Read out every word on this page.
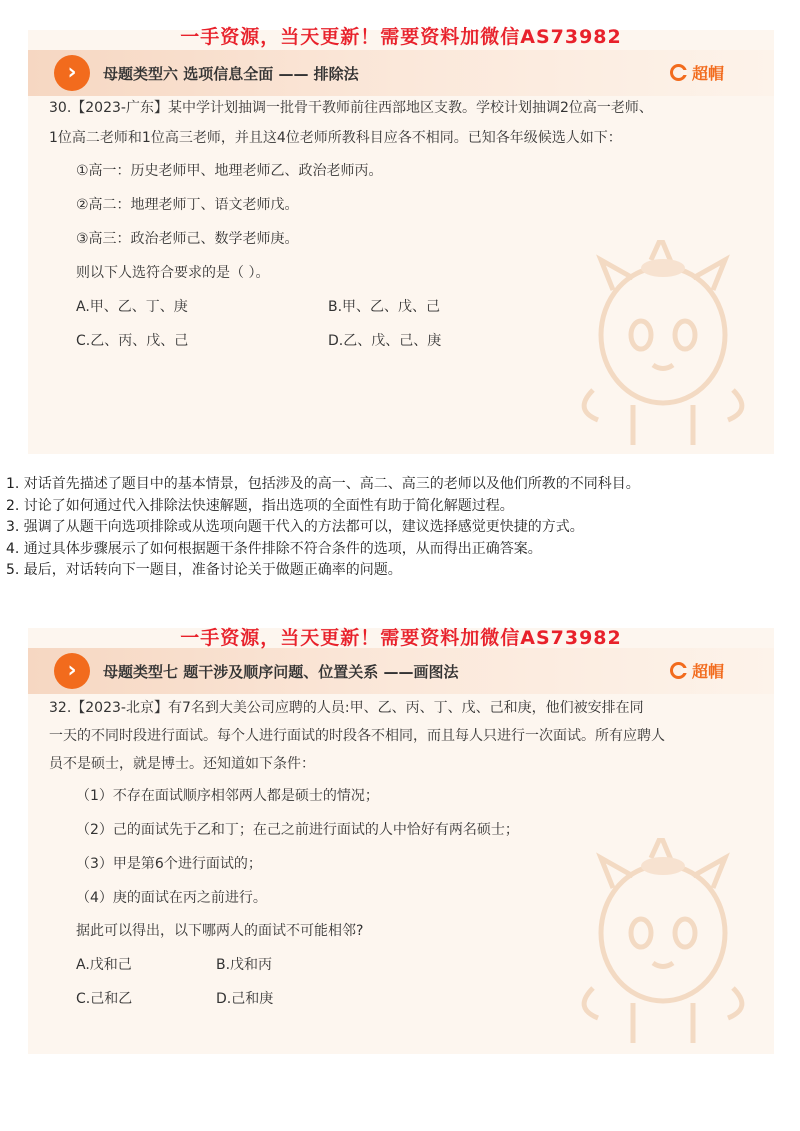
›	母题类型六 选项信息全面 —— 排除法	超帽
30.【2023-广东】某中学计划抽调一批骨干教师前往西部地区支教。学校计划抽调2位高一老师、
1位高二老师和1位高三老师，并且这4位老师所教科目应各不相同。已知各年级候选人如下：
①高一：历史老师甲、地理老师乙、政治老师丙。
②高二：地理老师丁、语文老师戊。
③高三：政治老师己、数学老师庚。
则以下人选符合要求的是（ ）。
A.甲、乙、丁、庚	B.甲、乙、戊、己
C.乙、丙、戊、己	D.乙、戊、己、庚
一手资源，当天更新！需要资料加微信AS73982
1. 对话首先描述了题目中的基本情景，包括涉及的高一、高二、高三的老师以及他们所教的不同科目。
2. 讨论了如何通过代入排除法快速解题，指出选项的全面性有助于简化解题过程。
3. 强调了从题干向选项排除或从选项向题干代入的方法都可以，建议选择感觉更快捷的方式。
4. 通过具体步骤展示了如何根据题干条件排除不符合条件的选项，从而得出正确答案。
5. 最后，对话转向下一题目，准备讨论关于做题正确率的问题。
›	母题类型七 题干涉及顺序问题、位置关系 ——画图法	超帽
32.【2023-北京】有7名到大美公司应聘的人员:甲、乙、丙、丁、戊、己和庚，他们被安排在同
一天的不同时段进行面试。每个人进行面试的时段各不相同，而且每人只进行一次面试。所有应聘人
员不是硕士，就是博士。还知道如下条件：
（1）不存在面试顺序相邻两人都是硕士的情况；
（2）己的面试先于乙和丁；在己之前进行面试的人中恰好有两名硕士；
（3）甲是第6个进行面试的；
（4）庚的面试在丙之前进行。
据此可以得出，以下哪两人的面试不可能相邻?
A.戊和己	B.戊和丙
C.己和乙	D.己和庚
一手资源，当天更新！需要资料加微信AS73982
